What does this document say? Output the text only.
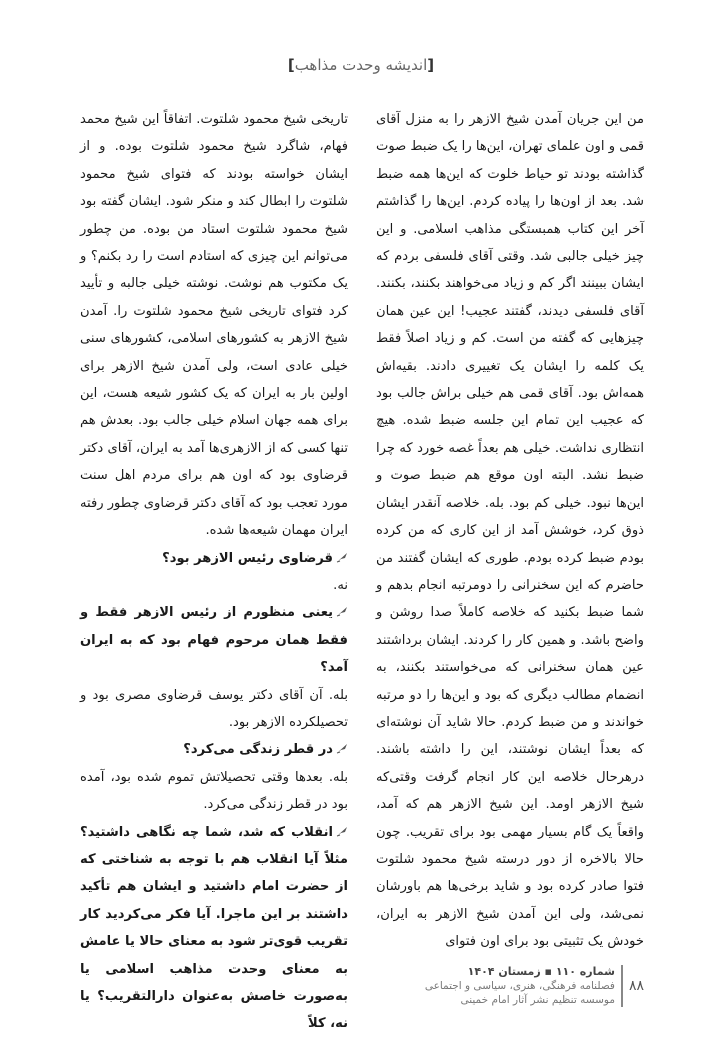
[اندیشه وحدت مذاهب]

من این جریان آمدن شیخ الازهر را به منزل آقای قمی و اون علمای تهران، این‌ها را یک ضبط صوت گذاشته بودند تو حیاط خلوت که این‌ها همه ضبط شد. بعد از اون‌ها را پیاده کردم. این‌ها را گذاشتم آخر این کتاب همبستگی مذاهب اسلامی. و این چیز خیلی جالبی شد. وقتی آقای فلسفی بردم که ایشان ببینند اگر کم و زیاد می‌خواهند بکنند، بکنند. آقای فلسفی دیدند، گفتند عجیب! این عین همان چیزهایی که گفته من است. کم و زیاد اصلاً فقط یک کلمه را ایشان یک تغییری دادند. بقیه‌اش همه‌اش بود. آقای قمی هم خیلی براش جالب بود که عجیب این تمام این جلسه ضبط شده. هیچ انتظاری نداشت. خیلی هم بعداً غصه خورد که چرا ضبط نشد. البته اون موقع هم ضبط صوت و این‌ها نبود. خیلی کم بود. بله. خلاصه آنقدر ایشان ذوق کرد، خوشش آمد از این کاری که من کرده بودم ضبط کرده بودم. طوری که ایشان گفتند من حاضرم که این سخنرانی را دومرتبه انجام بدهم و شما ضبط بکنید که خلاصه کاملاً صدا روشن و واضح باشد. و همین کار را کردند. ایشان برداشتند عین همان سخنرانی که می‌خواستند بکنند، به انضمام مطالب دیگری که بود و این‌ها را دو مرتبه خواندند و من ضبط کردم. حالا شاید آن نوشته‌ای که بعداً ایشان نوشتند، این را داشته باشند. درهرحال خلاصه این کار انجام گرفت وقتی‌که شیخ الازهر اومد. این شیخ الازهر هم که آمد، واقعاً یک گام بسیار مهمی بود برای تقریب. چون حالا بالاخره از دور درسته شیخ محمود شلتوت فتوا صادر کرده بود و شاید برخی‌ها هم باورشان نمی‌شد، ولی این آمدن شیخ الازهر به ایران، خودش یک تثبیتی بود برای اون فتوای

تاریخی شیخ محمود شلتوت. اتفاقاً این شیخ محمد فهام، شاگرد شیخ محمود شلتوت بوده. و از ایشان خواسته بودند که فتوای شیخ محمود شلتوت را ابطال کند و منکر شود. ایشان گفته بود شیخ محمود شلتوت استاد من بوده. من چطور می‌توانم این چیزی که استادم است را رد بکنم؟ و یک مکتوب هم نوشت. نوشته خیلی جالبه و تأیید کرد فتوای تاریخی شیخ محمود شلتوت را. آمدن شیخ الازهر به کشورهای اسلامی، کشورهای سنی خیلی عادی است، ولی آمدن شیخ الازهر برای اولین بار به ایران که یک کشور شیعه هست، این برای همه جهان اسلام خیلی جالب بود. بعدش هم تنها کسی که از الازهری‌ها آمد به ایران، آقای دکتر قرضاوی بود که اون هم برای مردم اهل سنت مورد تعجب بود که آقای دکتر قرضاوی چطور رفته ایران مهمان شیعه‌ها شده.

قرضاوی رئیس الازهر بود؟

نه.

یعنی منظورم از رئیس الازهر فقط و فقط همان مرحوم فهام بود که به ایران آمد؟

بله. آن آقای دکتر یوسف قرضاوی مصری بود و تحصیلکرده الازهر بود.

در قطر زندگی می‌کرد؟

بله. بعدها وقتی تحصیلاتش تموم شده بود، آمده بود در قطر زندگی می‌کرد.

انقلاب که شد، شما چه نگاهی داشتید؟ مثلاً آیا انقلاب هم با توجه به شناختی که از حضرت امام داشتید و ایشان هم تأکید داشتند بر این ماجرا. آیا فکر می‌کردید کار تقریب قوی‌تر شود به معنای حالا یا عامش به معنای وحدت مذاهب اسلامی یا به‌صورت خاصش به‌عنوان دارالتقریب؟ یا نه، کلاً

۸۸
شماره ۱۱۰ ▪ زمستان ۱۴۰۴
فصلنامه فرهنگی، هنری، سیاسی و اجتماعی
موسسه تنظیم نشر آثار امام خمینی
